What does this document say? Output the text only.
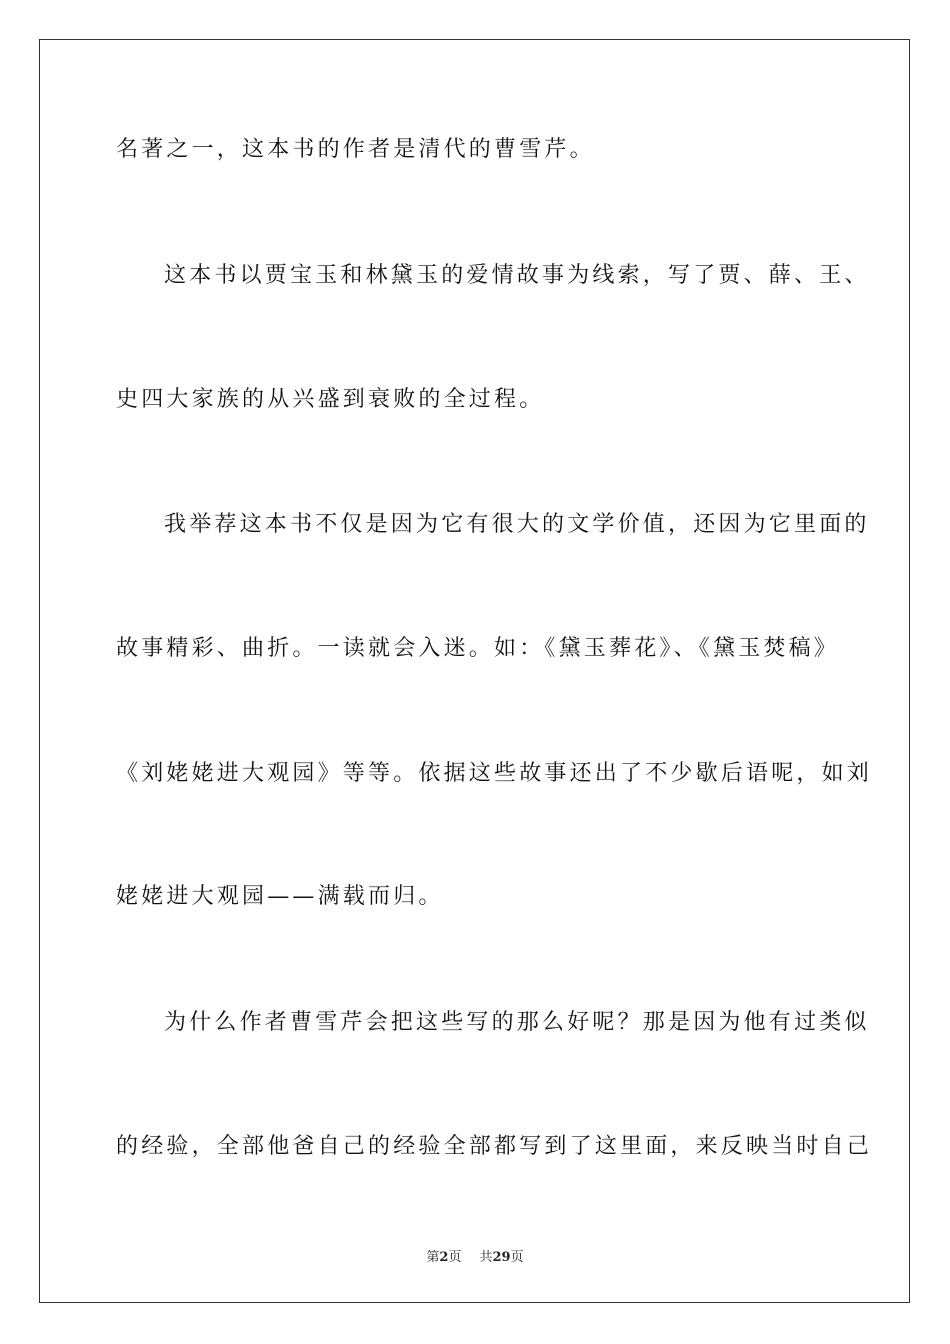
名著之一，这本书的作者是清代的曹雪芹。
这本书以贾宝玉和林黛玉的爱情故事为线索，写了贾、薛、王、
史四大家族的从兴盛到衰败的全过程。
我举荐这本书不仅是因为它有很大的文学价值，还因为它里面的
故事精彩、曲折。一读就会入迷。如：《黛玉葬花》、《黛玉焚稿》
《刘姥姥进大观园》等等。依据这些故事还出了不少歇后语呢，如刘
姥姥进大观园——满载而归。
为什么作者曹雪芹会把这些写的那么好呢？那是因为他有过类似
的经验，全部他爸自己的经验全部都写到了这里面，来反映当时自己
第2页 共29页
